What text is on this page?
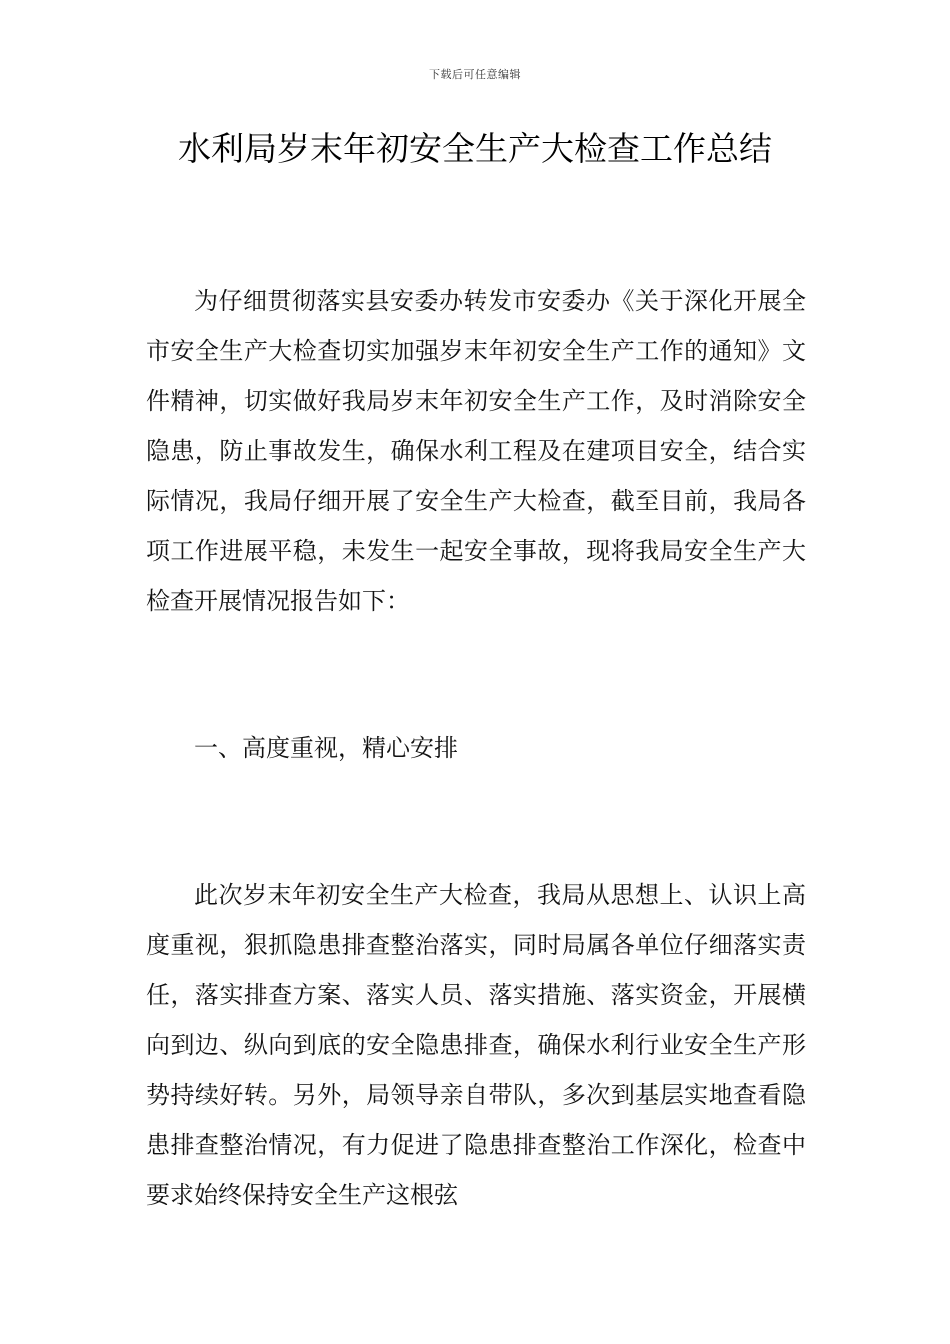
下载后可任意编辑
水利局岁末年初安全生产大检查工作总结

为仔细贯彻落实县安委办转发市安委办《关于深化开展全市安全生产大检查切实加强岁末年初安全生产工作的通知》文件精神，切实做好我局岁末年初安全生产工作，及时消除安全隐患，防止事故发生，确保水利工程及在建项目安全，结合实际情况，我局仔细开展了安全生产大检查，截至目前，我局各项工作进展平稳，未发生一起安全事故，现将我局安全生产大检查开展情况报告如下：

一、高度重视，精心安排

此次岁末年初安全生产大检查，我局从思想上、认识上高度重视，狠抓隐患排查整治落实，同时局属各单位仔细落实责任，落实排查方案、落实人员、落实措施、落实资金，开展横向到边、纵向到底的安全隐患排查，确保水利行业安全生产形势持续好转。另外，局领导亲自带队，多次到基层实地查看隐患排查整治情况，有力促进了隐患排查整治工作深化，检查中要求始终保持安全生产这根弦
